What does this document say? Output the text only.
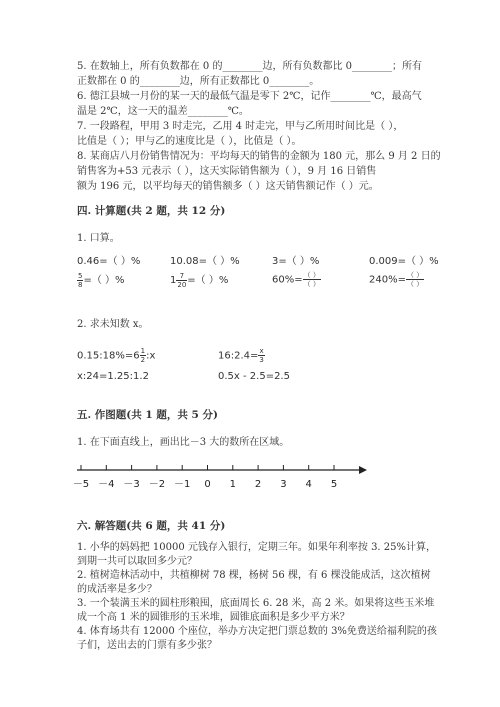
5. 在数轴上，所有负数都在 0 的________边，所有负数都比 0________；所有
正数都在 0 的________边，所有正数都比 0________。
6. 德江县城一月份的某一天的最低气温是零下 2℃，记作________℃，最高气
温是 2℃，这一天的温差________℃。
7. 一段路程，甲用 3 时走完，乙用 4 时走完，甲与乙所用时间比是（ ），
比值是（ ）；甲与乙的速度比是（ ），比值是（ ）。
8. 某商店八月份销售情况为：平均每天的销售的金额为 180 元，那么 9 月 2 日的
销售客为+53 元表示（ ），这天实际销售额为（ ），9 月 16 日销售
额为 196 元，以平均每天的销售额多（ ）这天销售额记作（ ）元。
四. 计算题(共 2 题，共 12 分)
1. 口算。
0.46=（ ）%	10.08=（ ）%	3=（ ）%	0.009=（ ）%
$\frac{5}{8}$ =（ ）%	$1 \frac{7}{20}$ =（ ）%	$60\%= \frac{( )}{( )}$	$240\%= \frac{( )}{( )}$
2. 求未知数 x。
0.15:18%=6 $\frac{1}{2}$ :x	16:2.4= $\frac{x}{3}$
x:24=1.25:1.2	0.5x - 2.5=2.5
五. 作图题(共 1 题，共 5 分)
1. 在下面直线上，画出比－3 大的数所在区域。
－5 －4 －3 －2 －1 0 1 2 3 4 5
六. 解答题(共 6 题，共 41 分)
1. 小华的妈妈把 10000 元钱存入银行，定期三年。如果年利率按 3. 25%计算，
到期一共可以取回多少元？
2. 植树造林活动中，共植柳树 78 棵，杨树 56 棵，有 6 棵没能成活，这次植树
的成活率是多少？
3. 一个装满玉米的圆柱形粮囤，底面周长 6. 28 米，高 2 米。如果将这些玉米堆
成一个高 1 米的圆锥形的玉米堆，圆锥底面积是多少平方米？
4. 体育场共有 12000 个座位，举办方决定把门票总数的 3%免费送给福利院的孩
子们，送出去的门票有多少张？
